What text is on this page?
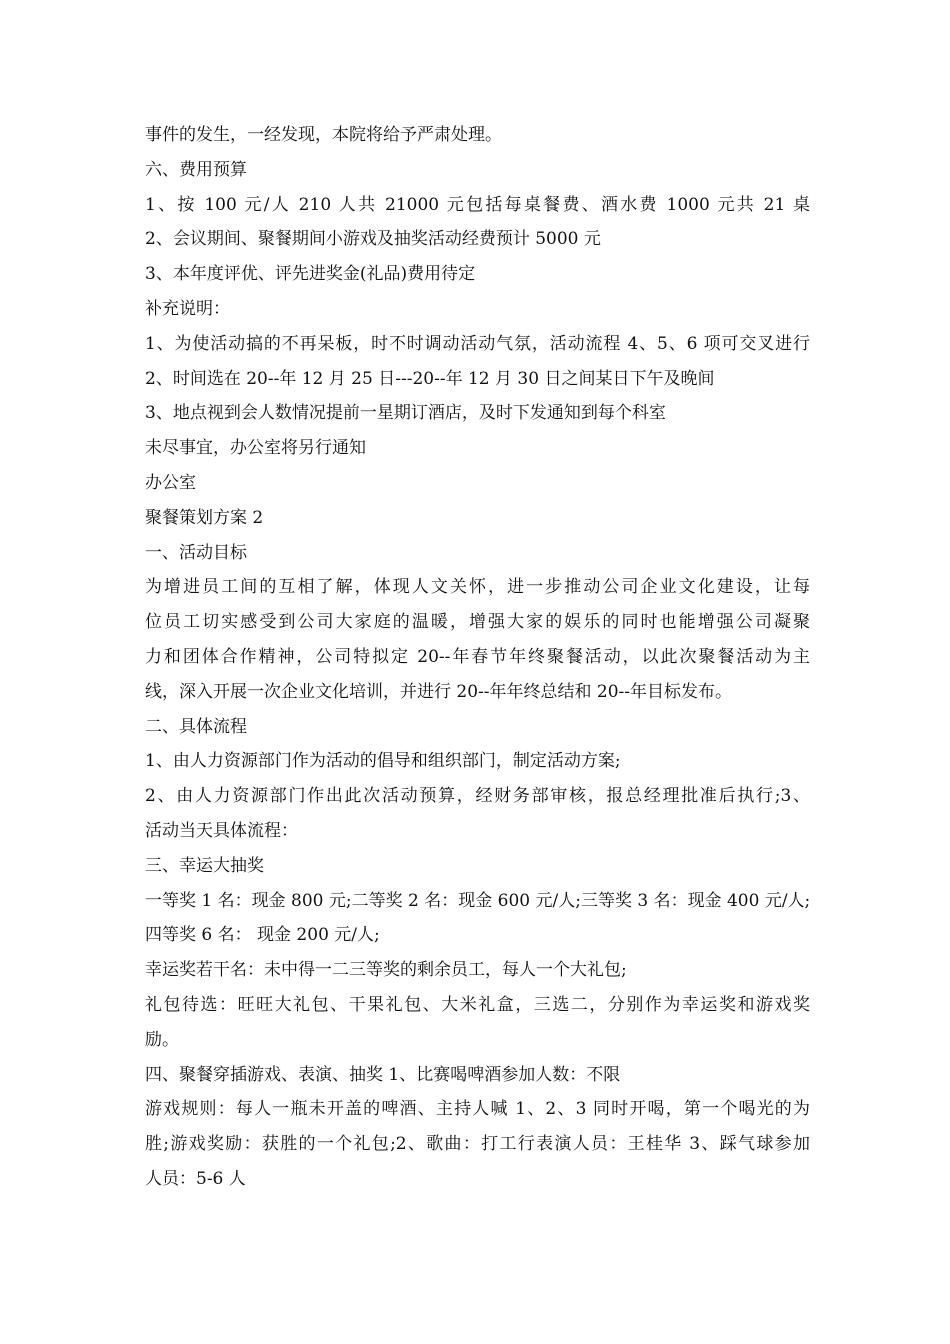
事件的发生，一经发现，本院将给予严肃处理。

六、费用预算

1、按 100 元/人 210 人共 21000 元包括每桌餐费、酒水费 1000 元共 21 桌

2、会议期间、聚餐期间小游戏及抽奖活动经费预计 5000 元

3、本年度评优、评先进奖金(礼品)费用待定

补充说明：

1、为使活动搞的不再呆板，时不时调动活动气氛，活动流程 4、5、6 项可交叉进行

2、时间选在 20--年 12 月 25 日---20--年 12 月 30 日之间某日下午及晚间

3、地点视到会人数情况提前一星期订酒店，及时下发通知到每个科室

未尽事宜，办公室将另行通知

办公室

聚餐策划方案 2

一、活动目标

为增进员工间的互相了解，体现人文关怀，进一步推动公司企业文化建设，让每

位员工切实感受到公司大家庭的温暖，增强大家的娱乐的同时也能增强公司凝聚

力和团体合作精神，公司特拟定 20--年春节年终聚餐活动，以此次聚餐活动为主

线，深入开展一次企业文化培训，并进行 20--年年终总结和 20--年目标发布。

二、具体流程

1、由人力资源部门作为活动的倡导和组织部门，制定活动方案;

2、由人力资源部门作出此次活动预算，经财务部审核，报总经理批准后执行;3、

活动当天具体流程：

三、幸运大抽奖

一等奖 1 名：现金 800 元;二等奖 2 名：现金 600 元/人;三等奖 3 名：现金 400 元/人;

四等奖 6 名： 现金 200 元/人;

幸运奖若干名：未中得一二三等奖的剩余员工，每人一个大礼包;

礼包待选：旺旺大礼包、干果礼包、大米礼盒，三选二，分别作为幸运奖和游戏奖

励。

四、聚餐穿插游戏、表演、抽奖 1、比赛喝啤酒参加人数：不限

游戏规则：每人一瓶未开盖的啤酒、主持人喊 1、2、3 同时开喝，第一个喝光的为

胜;游戏奖励：获胜的一个礼包;2、歌曲：打工行表演人员：王桂华 3、踩气球参加

人员：5-6 人
